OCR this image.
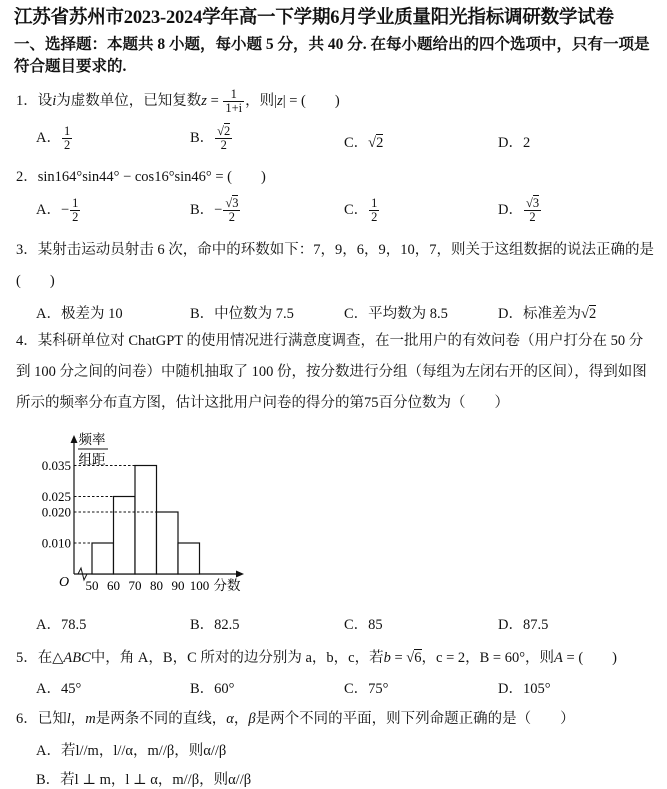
江苏省苏州市2023-2024学年高一下学期6月学业质量阳光指标调研数学试卷
一、选择题：本题共 8 小题，每小题 5 分，共 40 分. 在每小题给出的四个选项中，只有一项是符合题目要求的.
1．设i为虚数单位，已知复数$z = \frac{1}{1+i}$ ，则|z| = (　　)
A． $\frac{1}{2}$	B． $\frac{√2}{2}$	C．√2	D．2
2．sin164°sin44° − cos16°sin46° = (　　)
A．− $\frac{1}{2}$	B．− $\frac{√3}{2}$	C． $\frac{1}{2}$	D． $\frac{√3}{2}$
3．某射击运动员射击 6 次，命中的环数如下：7，9，6，9，10，7，则关于这组数据的说法正确的是
(　　)
A．极差为 10	B．中位数为 7.5	C．平均数为 8.5	D．标准差为√2
4．某科研单位对 ChatGPT 的使用情况进行满意度调查，在一批用户的有效问卷（用户打分在 50 分到 100 分之间的问卷）中随机抽取了 100 份，按分数进行分组（每组为左闭右开的区间），得到如图所示的频率分布直方图，估计这批用户问卷的得分的第75百分位数为（　　）
频率
组距
0.035
0.025
0.020
0.010
50 60 70 80 90 100 分数
O
A．78.5	B．82.5	C．85	D．87.5
5．在△ABC中，角 A，B，C 所对的边分别为 a，b，c，若b = √6，c = 2，B = 60°，则A = (　　)
A．45°	B．60°	C．75°	D．105°
6．已知l，m是两条不同的直线，α，β是两个不同的平面，则下列命题正确的是（　　）
A．若l//m，l//α，m//β，则α//β
B．若l ⊥ m，l ⊥ α，m//β，则α//β
